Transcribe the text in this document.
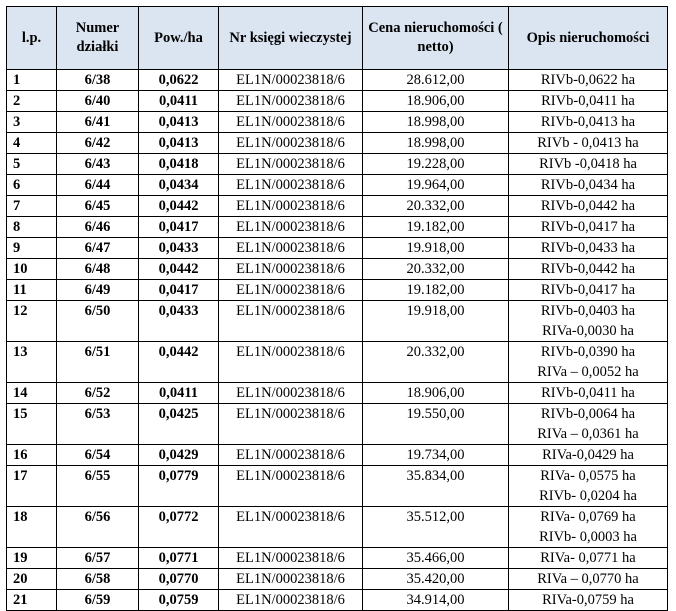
l.p.	Numer działki	Pow./ha	Nr księgi wieczystej	Cena nieruchomości ( netto)	Opis nieruchomości
1	6/38	0,0622	EL1N/00023818/6	28.612,00	RIVb-0,0622 ha

2	6/40	0,0411	EL1N/00023818/6	18.906,00	RIVb-0,0411 ha

3	6/41	0,0413	EL1N/00023818/6	18.998,00	RIVb-0,0413 ha

4	6/42	0,0413	EL1N/00023818/6	18.998,00	RIVb - 0,0413 ha

5	6/43	0,0418	EL1N/00023818/6	19.228,00	RIVb -0,0418 ha

6	6/44	0,0434	EL1N/00023818/6	19.964,00	RIVb-0,0434 ha

7	6/45	0,0442	EL1N/00023818/6	20.332,00	RIVb-0,0442 ha

8	6/46	0,0417	EL1N/00023818/6	19.182,00	RIVb-0,0417 ha

9	6/47	0,0433	EL1N/00023818/6	19.918,00	RIVb-0,0433 ha

10	6/48	0,0442	EL1N/00023818/6	20.332,00	RIVb-0,0442 ha

11	6/49	0,0417	EL1N/00023818/6	19.182,00	RIVb-0,0417 ha

12	6/50	0,0433	EL1N/00023818/6	19.918,00	RIVb-0,0403 ha
RIVa-0,0030 ha

13	6/51	0,0442	EL1N/00023818/6	20.332,00	RIVb-0,0390 ha
RIVa – 0,0052 ha

14	6/52	0,0411	EL1N/00023818/6	18.906,00	RIVb-0,0411 ha

15	6/53	0,0425	EL1N/00023818/6	19.550,00	RIVb-0,0064 ha
RIVa – 0,0361 ha

16	6/54	0,0429	EL1N/00023818/6	19.734,00	RIVa-0,0429 ha

17	6/55	0,0779	EL1N/00023818/6	35.834,00	RIVa- 0,0575 ha
RIVb- 0,0204 ha

18	6/56	0,0772	EL1N/00023818/6	35.512,00	RIVa- 0,0769 ha
RIVb- 0,0003 ha

19	6/57	0,0771	EL1N/00023818/6	35.466,00	RIVa- 0,0771 ha

20	6/58	0,0770	EL1N/00023818/6	35.420,00	RIVa – 0,0770 ha

21	6/59	0,0759	EL1N/00023818/6	34.914,00	RIVa-0,0759 ha
